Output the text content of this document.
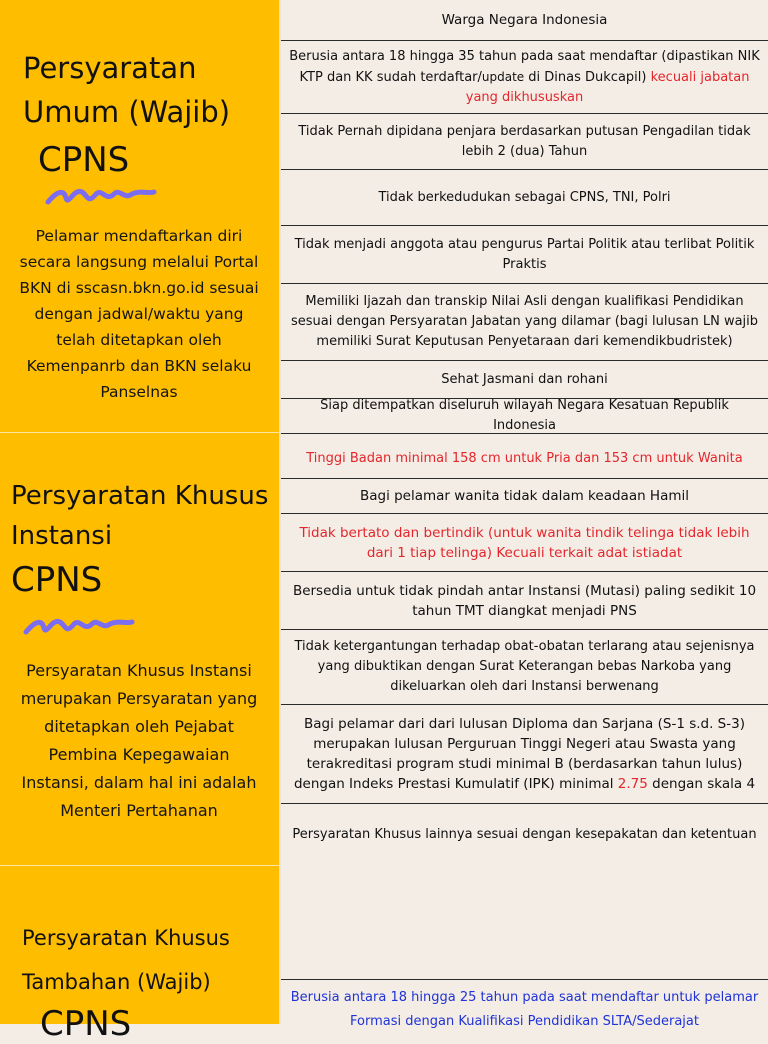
Persyaratan
Umum (Wajib)
CPNS
Pelamar mendaftarkan diri secara langsung melalui Portal BKN di sscasn.bkn.go.id sesuai dengan jadwal/waktu yang telah ditetapkan oleh Kemenpanrb dan BKN selaku Panselnas
Persyaratan Khusus
Instansi
CPNS
Persyaratan Khusus Instansi merupakan Persyaratan yang ditetapkan oleh Pejabat Pembina Kepegawaian Instansi, dalam hal ini adalah Menteri Pertahanan
Persyaratan Khusus
Tambahan (Wajib)
CPNS
Warga Negara Indonesia
Berusia antara 18 hingga 35 tahun pada saat mendaftar (dipastikan NIK KTP dan KK sudah terdaftar/update di Dinas Dukcapil) kecuali jabatan yang dikhususkan
Tidak Pernah dipidana penjara berdasarkan putusan Pengadilan tidak lebih 2 (dua) Tahun
Tidak berkedudukan sebagai CPNS, TNI, Polri
Tidak menjadi anggota atau pengurus Partai Politik atau terlibat Politik Praktis
Memiliki Ijazah dan transkip Nilai Asli dengan kualifikasi Pendidikan sesuai dengan Persyaratan Jabatan yang dilamar (bagi lulusan LN wajib memiliki Surat Keputusan Penyetaraan dari kemendikbudristek)
Sehat Jasmani dan rohani
Siap ditempatkan diseluruh wilayah Negara Kesatuan Republik Indonesia
Tinggi Badan minimal 158 cm untuk Pria dan 153 cm untuk Wanita
Bagi pelamar wanita tidak dalam keadaan Hamil
Tidak bertato dan bertindik (untuk wanita tindik telinga tidak lebih dari 1 tiap telinga) Kecuali terkait adat istiadat
Bersedia untuk tidak pindah antar Instansi (Mutasi) paling sedikit 10 tahun TMT diangkat menjadi PNS
Tidak ketergantungan terhadap obat-obatan terlarang atau sejenisnya yang dibuktikan dengan Surat Keterangan bebas Narkoba yang dikeluarkan oleh dari Instansi berwenang
Bagi pelamar dari dari lulusan Diploma dan Sarjana (S-1 s.d. S-3) merupakan lulusan Perguruan Tinggi Negeri atau Swasta yang terakreditasi program studi minimal B (berdasarkan tahun lulus) dengan Indeks Prestasi Kumulatif (IPK) minimal 2.75 dengan skala 4
Persyaratan Khusus lainnya sesuai dengan kesepakatan dan ketentuan
Berusia antara 18 hingga 25 tahun pada saat mendaftar untuk pelamar Formasi dengan Kualifikasi Pendidikan SLTA/Sederajat
